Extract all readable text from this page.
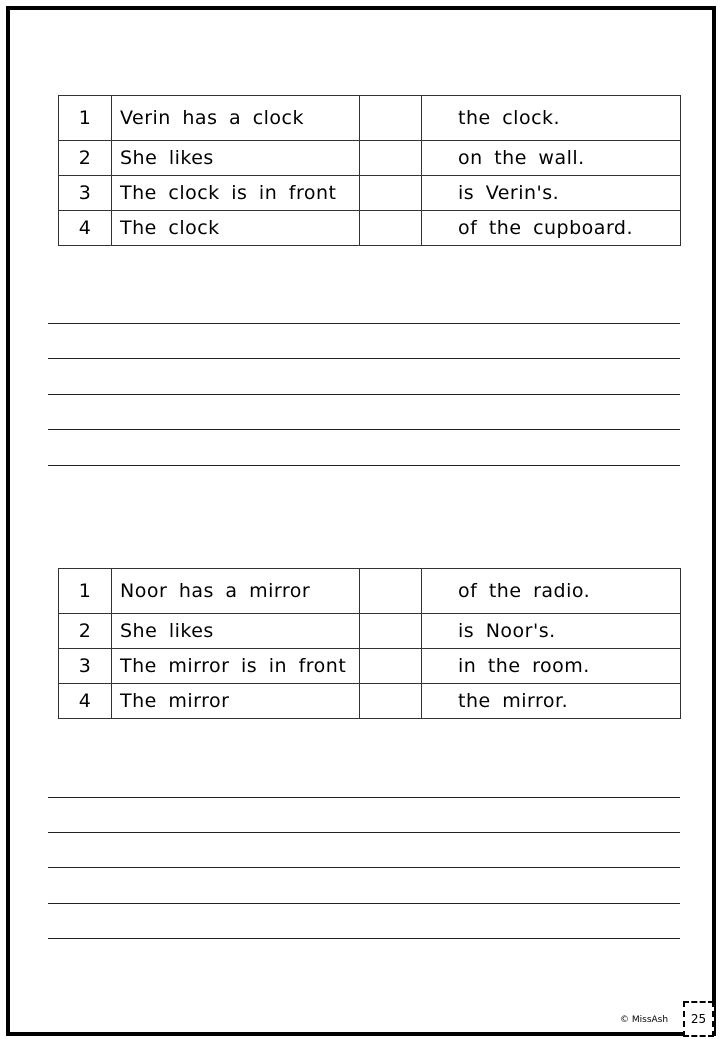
1	Verin has a clock		the clock.
2	She likes		on the wall.
3	The clock is in front		is Verin's.
4	The clock		of the cupboard.
1	Noor has a mirror		of the radio.
2	She likes		is Noor's.
3	The mirror is in front		in the room.
4	The mirror		the mirror.
© MissAsh	25
